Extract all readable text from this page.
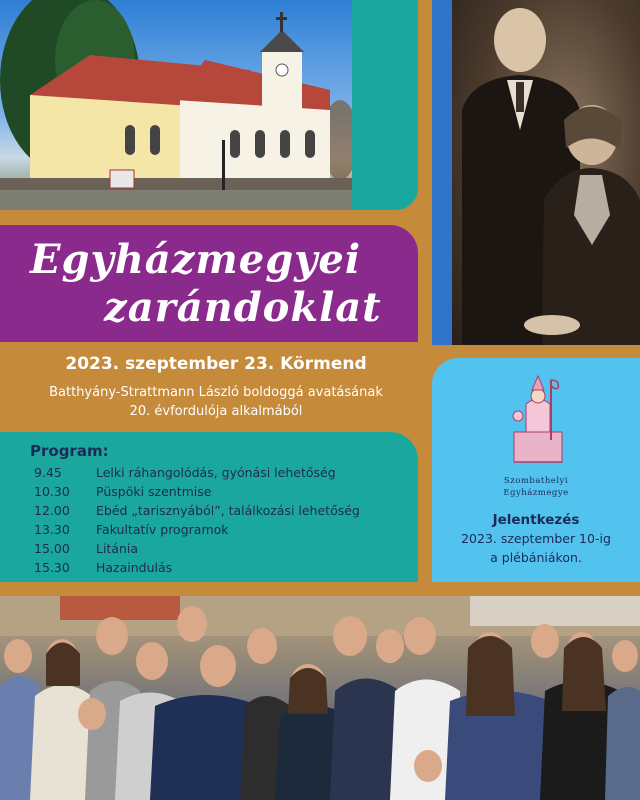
Egyházmegyei
zarándoklat
2023. szeptember 23. Körmend
Batthyány-Strattmann László boldoggá avatásának
20. évfordulója alkalmából
Program:
9.45	Lelki ráhangolódás, gyónási lehetőség
10.30	Püspöki szentmise
12.00	Ebéd „tarisznyából”, találkozási lehetőség
13.30	Fakultatív programok
15.00	Litánia
15.30	Hazaindulás
Szombathelyi
Egyházmegye
Jelentkezés
2023. szeptember 10-ig
a plébániákon.
